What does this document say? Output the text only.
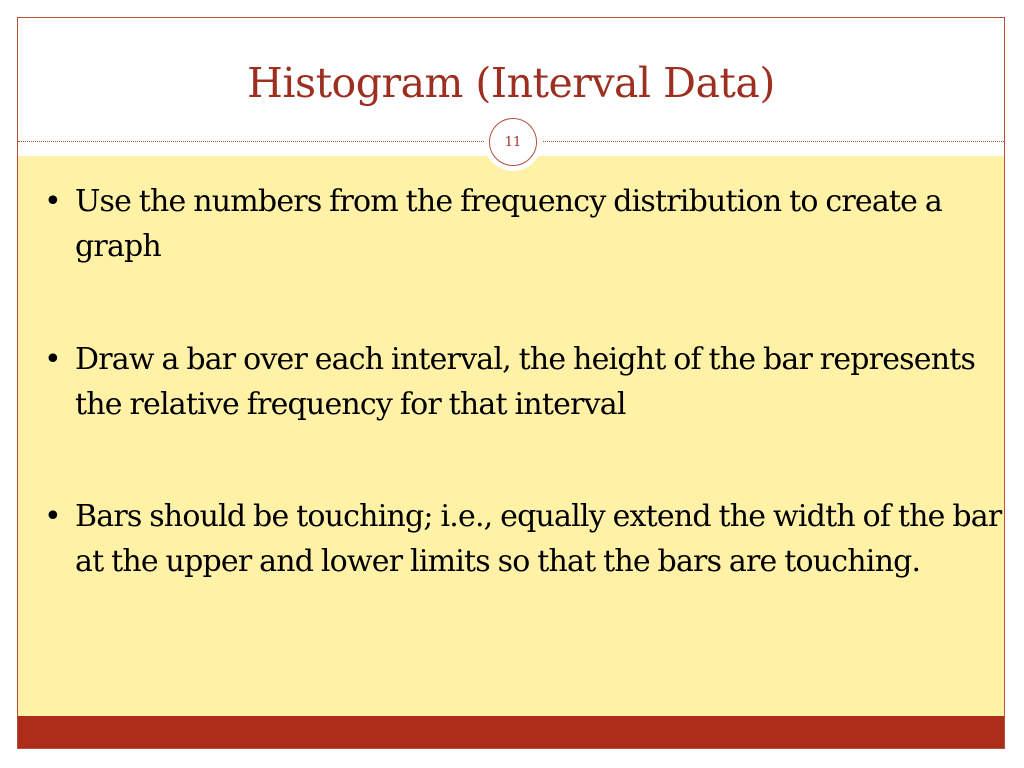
Histogram (Interval Data)
11
• Use the numbers from the frequency distribution to create a graph
• Draw a bar over each interval, the height of the bar represents the relative frequency for that interval
• Bars should be touching; i.e., equally extend the width of the bar at the upper and lower limits so that the bars are touching.
